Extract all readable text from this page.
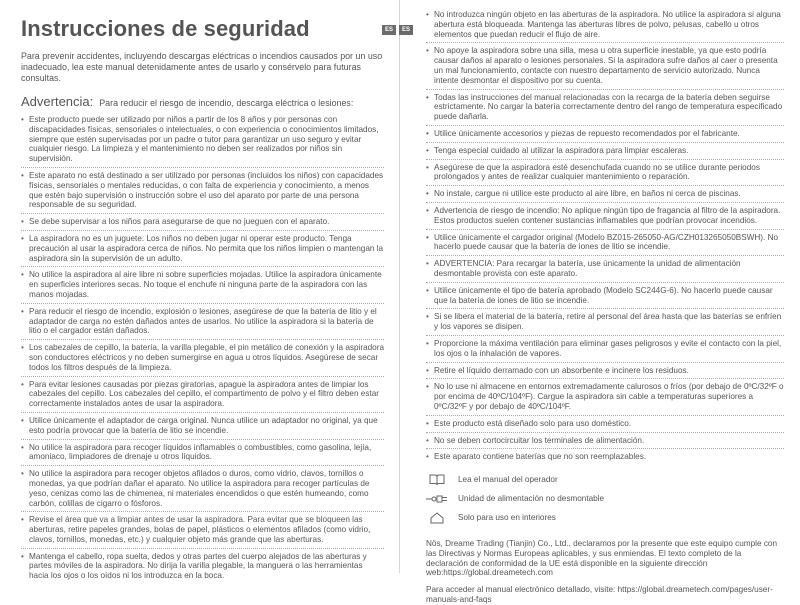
Instrucciones de seguridad

Para prevenir accidentes, incluyendo descargas eléctricas o incendios causados por un uso inadecuado, lea este manual detenidamente antes de usarlo y consérvelo para futuras consultas.

Advertencia: Para reducir el riesgo de incendio, descarga eléctrica o lesiones:
• Este producto puede ser utilizado por niños a partir de los 8 años y por personas con discapacidades físicas, sensoriales o intelectuales, o con experiencia o conocimientos limitados, siempre que estén supervisadas por un padre o tutor para garantizar un uso seguro y evitar cualquier riesgo. La limpieza y el mantenimiento no deben ser realizados por niños sin supervisión.
• Este aparato no está destinado a ser utilizado por personas (incluidos los niños) con capacidades físicas, sensoriales o mentales reducidas, o con falta de experiencia y conocimiento, a menos que estén bajo supervisión o instrucción sobre el uso del aparato por parte de una persona responsable de su seguridad.
• Se debe supervisar a los niños para asegurarse de que no jueguen con el aparato.
• La aspiradora no es un juguete. Los niños no deben jugar ni operar este producto. Tenga precaución al usar la aspiradora cerca de niños. No permita que los niños limpien o mantengan la aspiradora sin la supervisión de un adulto.
• No utilice la aspiradora al aire libre ni sobre superficies mojadas. Utilice la aspiradora únicamente en superficies interiores secas. No toque el enchufe ni ninguna parte de la aspiradora con las manos mojadas.
• Para reducir el riesgo de incendio, explosión o lesiones, asegúrese de que la batería de litio y el adaptador de carga no estén dañados antes de usarlos. No utilice la aspiradora si la batería de litio o el cargador están dañados.
• Los cabezales de cepillo, la batería, la varilla plegable, el pin metálico de conexión y la aspiradora son conductores eléctricos y no deben sumergirse en agua u otros líquidos. Asegúrese de secar todos los filtros después de la limpieza.
• Para evitar lesiones causadas por piezas giratorias, apague la aspiradora antes de limpiar los cabezales del cepillo. Los cabezales del cepillo, el compartimento de polvo y el filtro deben estar correctamente instalados antes de usar la aspiradora.
• Utilice únicamente el adaptador de carga original. Nunca utilice un adaptador no original, ya que esto podría provocar que la batería de litio se incendie.
• No utilice la aspiradora para recoger líquidos inflamables o combustibles, como gasolina, lejía, amoniaco, limpiadores de drenaje u otros líquidos.
• No utilice la aspiradora para recoger objetos afilados o duros, como vidrio, clavos, tornillos o monedas, ya que podrían dañar el aparato. No utilice la aspiradora para recoger partículas de yeso, cenizas como las de chimenea, ni materiales encendidos o que estén humeando, como carbón, colillas de cigarro o fósforos.
• Revise el área que va a limpiar antes de usar la aspiradora. Para evitar que se bloqueen las aberturas, retire papeles grandes, bolas de papel, plásticos o elementos afilados (como vidrio, clavos, tornillos, monedas, etc.) y cualquier objeto más grande que las aberturas.
• Mantenga el cabello, ropa suelta, dedos y otras partes del cuerpo alejados de las aberturas y partes móviles de la aspiradora. No dirija la varilla plegable, la manguera o las herramientas hacia los ojos o los oídos ni los introduzca en la boca.
ES	ES
• No introduzca ningún objeto en las aberturas de la aspiradora. No utilice la aspiradora si alguna abertura está bloqueada. Mantenga las aberturas libres de polvo, pelusas, cabello u otros elementos que puedan reducir el flujo de aire.
• No apoye la aspiradora sobre una silla, mesa u otra superficie inestable, ya que esto podría causar daños al aparato o lesiones personales. Si la aspiradora sufre daños al caer o presenta un mal funcionamiento, contacte con nuestro departamento de servicio autorizado. Nunca intente desmontar el dispositivo por su cuenta.
• Todas las instrucciones del manual relacionadas con la recarga de la batería deben seguirse estrictamente. No cargar la batería correctamente dentro del rango de temperatura especificado puede dañarla.
• Utilice únicamente accesorios y piezas de repuesto recomendados por el fabricante.
• Tenga especial cuidado al utilizar la aspiradora para limpiar escaleras.
• Asegúrese de que la aspiradora esté desenchufada cuando no se utilice durante periodos prolongados y antes de realizar cualquier mantenimiento o reparación.
• No instale, cargue ni utilice este producto al aire libre, en baños ni cerca de piscinas.
• Advertencia de riesgo de incendio: No aplique ningún tipo de fragancia al filtro de la aspiradora. Estos productos suelen contener sustancias inflamables que podrían provocar incendios.
• Utilice únicamente el cargador original (Modelo BZ015-265050-AG/CZH013265050BSWH). No hacerlo puede causar que la batería de iones de litio se incendie.
• ADVERTENCIA: Para recargar la batería, use únicamente la unidad de alimentación desmontable provista con este aparato.
• Utilice únicamente el tipo de batería aprobado (Modelo SC244G-6). No hacerlo puede causar que la batería de iones de litio se incendie.
• Si se libera el material de la batería, retire al personal del área hasta que las baterías se enfríen y los vapores se disipen.
• Proporcione la máxima ventilación para eliminar gases peligrosos y evite el contacto con la piel, los ojos o la inhalación de vapores.
• Retire el líquido derramado con un absorbente e incinere los residuos.
• No lo use ni almacene en entornos extremadamente calurosos o fríos (por debajo de 0ºC/32ºF o por encima de 40ºC/104ºF). Cargue la aspiradora sin cable a temperaturas superiores a 0ºC/32ºF y por debajo de 40ºC/104ºF.
• Este producto está diseñado solo para uso doméstico.
• No se deben cortocircuitar los terminales de alimentación.
• Este aparato contiene baterías que no son reemplazables.
Lea el manual del operador
Unidad de alimentación no desmontable
Solo para uso en interiores

Nös, Dreame Trading (Tianjin) Co., Ltd., declaramos por la presente que este equipo cumple con las Directivas y Normas Europeas aplicables, y sus enmiendas. El texto completo de la declaración de conformidad de la UE está disponible en la siguiente dirección web:https://global.dreametech.com

Para acceder al manual electrónico detallado, visite: https://global.dreametech.com/pages/user-manuals-and-faqs
